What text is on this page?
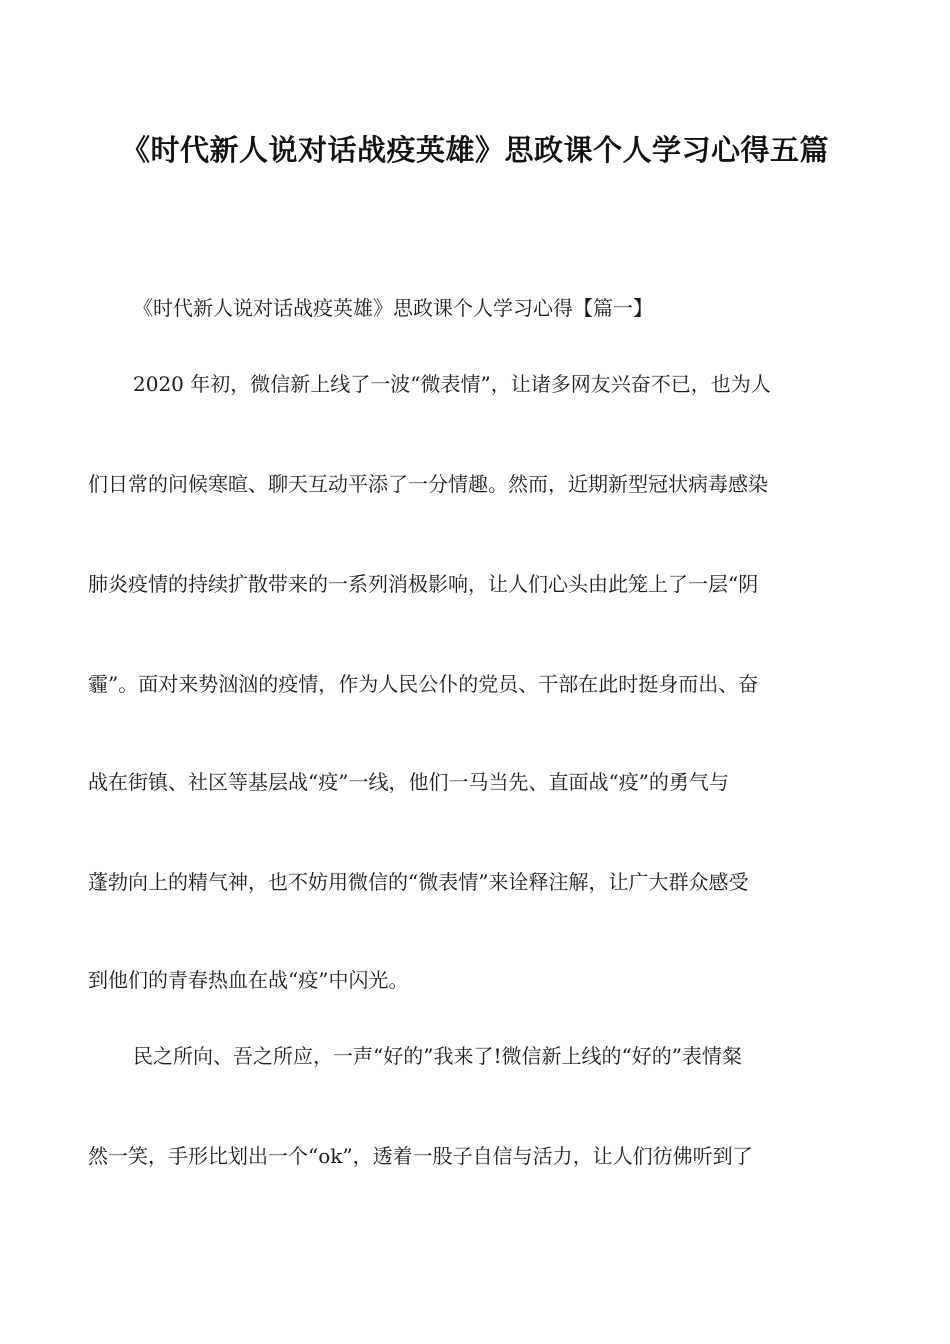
《时代新人说对话战疫英雄》思政课个人学习心得五篇
《时代新人说对话战疫英雄》思政课个人学习心得【篇一】
2020 年初，微信新上线了一波“微表情”，让诸多网友兴奋不已，也为人
们日常的问候寒暄、聊天互动平添了一分情趣。然而，近期新型冠状病毒感染
肺炎疫情的持续扩散带来的一系列消极影响，让人们心头由此笼上了一层“阴
霾”。面对来势汹汹的疫情，作为人民公仆的党员、干部在此时挺身而出、奋
战在街镇、社区等基层战“疫”一线，他们一马当先、直面战“疫”的勇气与
蓬勃向上的精气神，也不妨用微信的“微表情”来诠释注解，让广大群众感受
到他们的青春热血在战“疫”中闪光。
民之所向、吾之所应，一声“好的”我来了!微信新上线的“好的”表情粲
然一笑，手形比划出一个“ok”，透着一股子自信与活力，让人们彷佛听到了
